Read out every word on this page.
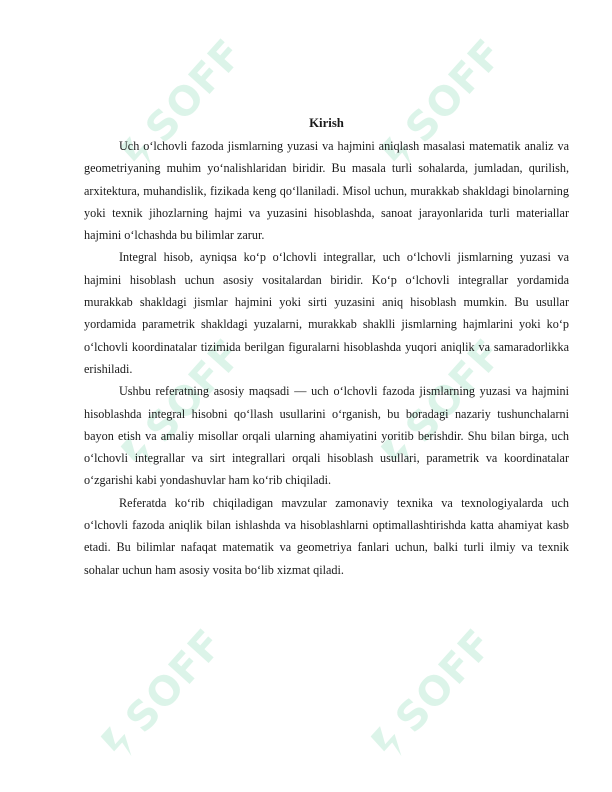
SOFF	SOFF
SOFF	SOFF
SOFF	SOFF
Kirish

Uch o‘lchovli fazoda jismlarning yuzasi va hajmini aniqlash masalasi matematik analiz va geometriyaning muhim yo‘nalishlaridan biridir. Bu masala turli sohalarda, jumladan, qurilish, arxitektura, muhandislik, fizikada keng qo‘llaniladi. Misol uchun, murakkab shakldagi binolarning yoki texnik jihozlarning hajmi va yuzasini hisoblashda, sanoat jarayonlarida turli materiallar hajmini o‘lchashda bu bilimlar zarur.

Integral hisob, ayniqsa ko‘p o‘lchovli integrallar, uch o‘lchovli jismlarning yuzasi va hajmini hisoblash uchun asosiy vositalardan biridir. Ko‘p o‘lchovli integrallar yordamida murakkab shakldagi jismlar hajmini yoki sirti yuzasini aniq hisoblash mumkin. Bu usullar yordamida parametrik shakldagi yuzalarni, murakkab shaklli jismlarning hajmlarini yoki ko‘p o‘lchovli koordinatalar tizimida berilgan figuralarni hisoblashda yuqori aniqlik va samaradorlikka erishiladi.

Ushbu referatning asosiy maqsadi — uch o‘lchovli fazoda jismlarning yuzasi va hajmini hisoblashda integral hisobni qo‘llash usullarini o‘rganish, bu boradagi nazariy tushunchalarni bayon etish va amaliy misollar orqali ularning ahamiyatini yoritib berishdir. Shu bilan birga, uch o‘lchovli integrallar va sirt integrallari orqali hisoblash usullari, parametrik va koordinatalar o‘zgarishi kabi yondashuvlar ham ko‘rib chiqiladi.

Referatda ko‘rib chiqiladigan mavzular zamonaviy texnika va texnologiyalarda uch o‘lchovli fazoda aniqlik bilan ishlashda va hisoblashlarni optimallashtirishda katta ahamiyat kasb etadi. Bu bilimlar nafaqat matematik va geometriya fanlari uchun, balki turli ilmiy va texnik sohalar uchun ham asosiy vosita bo‘lib xizmat qiladi.
